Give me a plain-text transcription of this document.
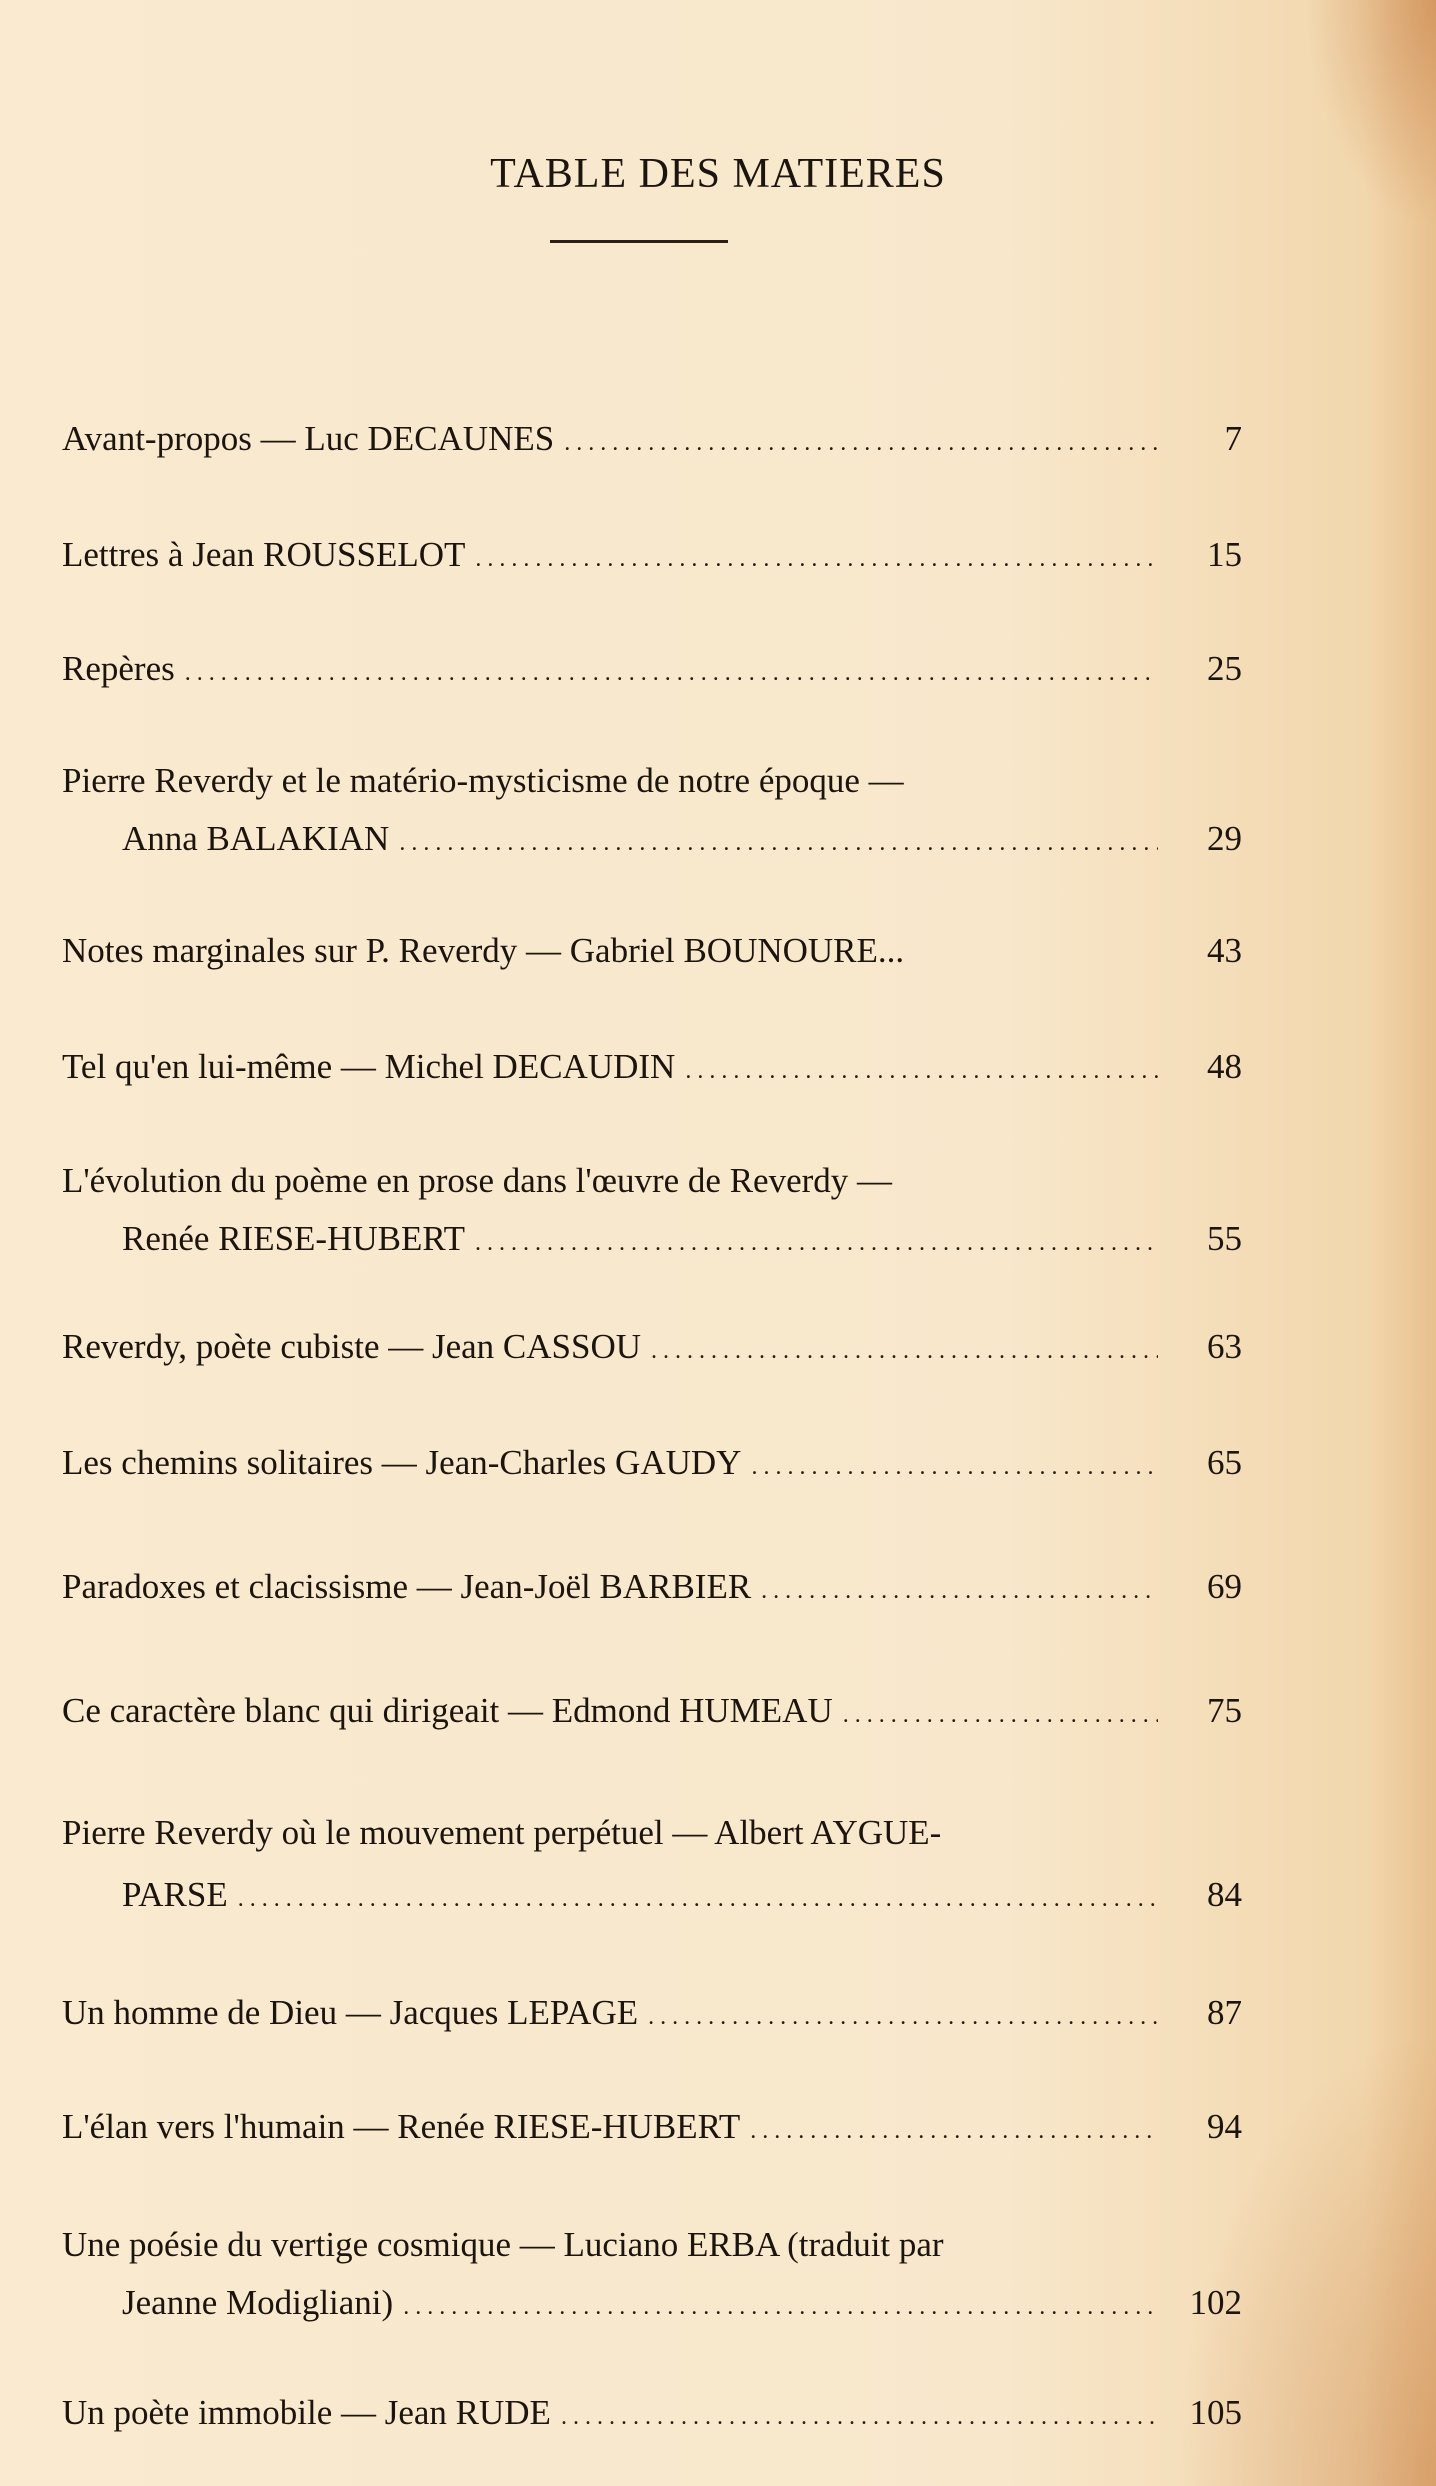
TABLE DES MATIERES
Avant-propos — Luc DECAUNES .....	7
Lettres à Jean ROUSSELOT .....	15
Repères .....	25
Pierre Reverdy et le matério-mysticisme de notre époque —
Anna BALAKIAN .....	29
Notes marginales sur P. Reverdy — Gabriel BOUNOURE...	43
Tel qu'en lui-même — Michel DECAUDIN .....	48
L'évolution du poème en prose dans l'œuvre de Reverdy —
Renée RIESE-HUBERT .....	55
Reverdy, poète cubiste — Jean CASSOU .....	63
Les chemins solitaires — Jean-Charles GAUDY .....	65
Paradoxes et clacissisme — Jean-Joël BARBIER .....	69
Ce caractère blanc qui dirigeait — Edmond HUMEAU .....	75
Pierre Reverdy où le mouvement perpétuel — Albert AYGUE-
PARSE .....	84
Un homme de Dieu — Jacques LEPAGE .....	87
L'élan vers l'humain — Renée RIESE-HUBERT .....	94
Une poésie du vertige cosmique — Luciano ERBA (traduit par
Jeanne Modigliani) .....	102
Un poète immobile — Jean RUDE .....	105
